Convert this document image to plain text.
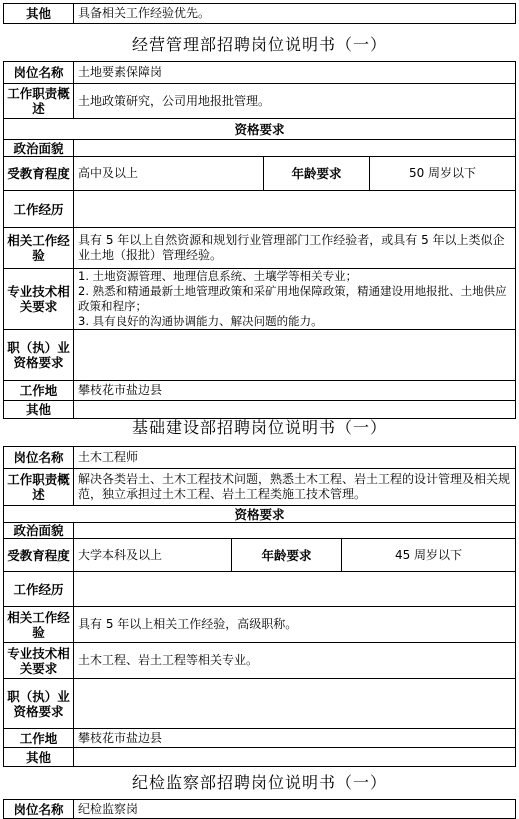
其他	具备相关工作经验优先。
经营管理部招聘岗位说明书（一）
岗位名称	土地要素保障岗		
工作职责概述	土地政策研究，公司用地报批管理。		
资格要求			
政治面貌			
受教育程度	高中及以上	年龄要求	50 周岁以下
工作经历			
相关工作经验	具有 5 年以上自然资源和规划行业管理部门工作经验者，或具有 5 年以上类似企业土地（报批）管理经验。		
专业技术相关要求	1. 土地资源管理、地理信息系统、土壤学等相关专业；
2. 熟悉和精通最新土地管理政策和采矿用地保障政策，精通建设用地报批、土地供应政策和程序；
3. 具有良好的沟通协调能力、解决问题的能力。		

职（执）业资格要求			
工作地	攀枝花市盐边县		
其他			
基础建设部招聘岗位说明书（一）
岗位名称	土木工程师		
工作职责概述	解决各类岩土、土木工程技术问题，熟悉土木工程、岩土工程的设计管理及相关规范，独立承担过土木工程、岩土工程类施工技术管理。		
资格要求			
政治面貌			
受教育程度	大学本科及以上	年龄要求	45 周岁以下
工作经历			
相关工作经验	具有 5 年以上相关工作经验，高级职称。		
专业技术相关要求	土木工程、岩土工程等相关专业。		

职（执）业资格要求			
工作地	攀枝花市盐边县		
其他			
纪检监察部招聘岗位说明书（一）
岗位名称	纪检监察岗
